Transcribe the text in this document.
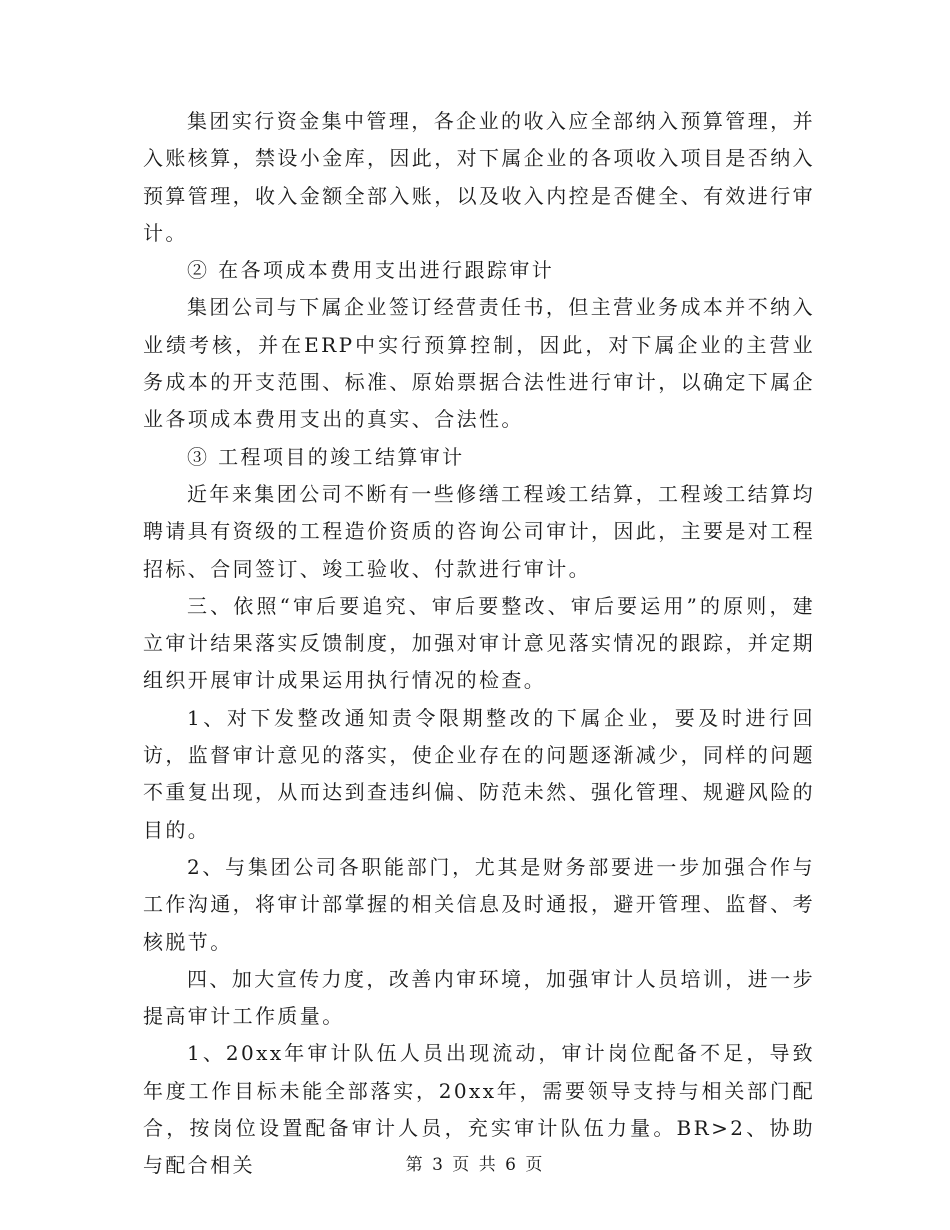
集团实行资金集中管理，各企业的收入应全部纳入预算管理，并入账核算，禁设小金库，因此，对下属企业的各项收入项目是否纳入预算管理，收入金额全部入账，以及收入内控是否健全、有效进行审计。

② 在各项成本费用支出进行跟踪审计

集团公司与下属企业签订经营责任书，但主营业务成本并不纳入业绩考核，并在ERP中实行预算控制，因此，对下属企业的主营业务成本的开支范围、标准、原始票据合法性进行审计，以确定下属企业各项成本费用支出的真实、合法性。

③ 工程项目的竣工结算审计

近年来集团公司不断有一些修缮工程竣工结算，工程竣工结算均聘请具有资级的工程造价资质的咨询公司审计，因此，主要是对工程招标、合同签订、竣工验收、付款进行审计。

三、依照“审后要追究、审后要整改、审后要运用”的原则，建立审计结果落实反馈制度，加强对审计意见落实情况的跟踪，并定期组织开展审计成果运用执行情况的检查。

1、对下发整改通知责令限期整改的下属企业，要及时进行回访，监督审计意见的落实，使企业存在的问题逐渐减少，同样的问题不重复出现，从而达到查违纠偏、防范未然、强化管理、规避风险的目的。

2、与集团公司各职能部门，尤其是财务部要进一步加强合作与工作沟通，将审计部掌握的相关信息及时通报，避开管理、监督、考核脱节。

四、加大宣传力度，改善内审环境，加强审计人员培训，进一步提高审计工作质量。

1、20xx年审计队伍人员出现流动，审计岗位配备不足，导致年度工作目标未能全部落实，20xx年，需要领导支持与相关部门配合，按岗位设置配备审计人员，充实审计队伍力量。BR>2、协助与配合相关	第 3 页 共 6 页
